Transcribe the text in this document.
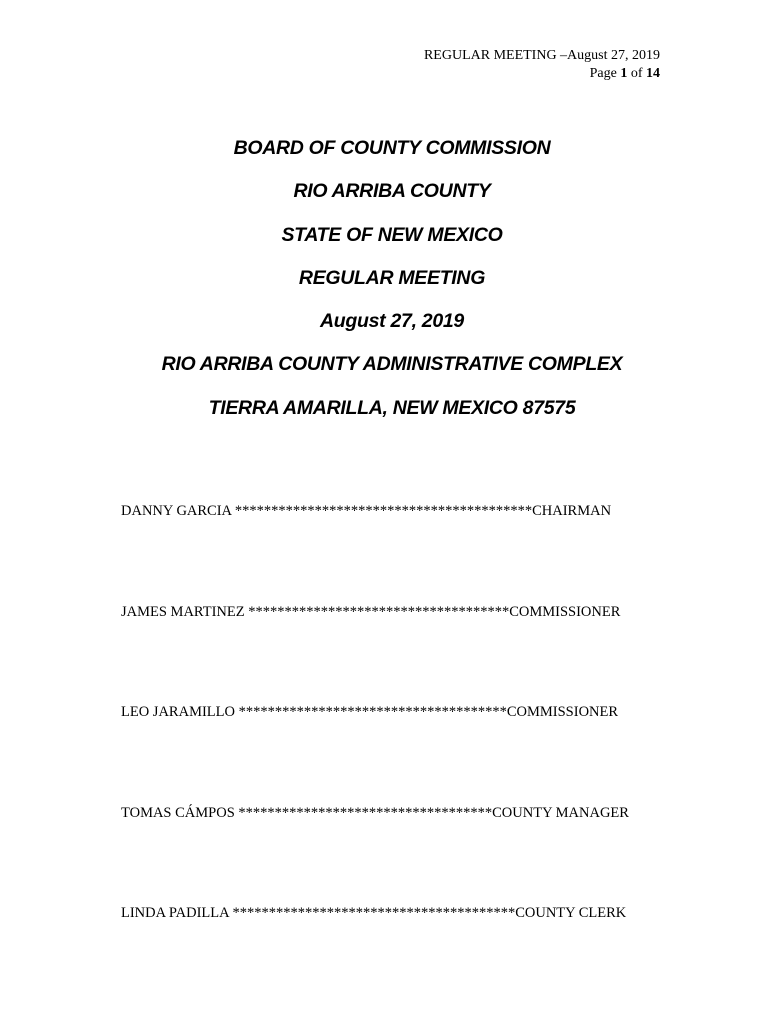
REGULAR MEETING –August 27, 2019
Page 1 of 14
BOARD OF COUNTY COMMISSION
RIO ARRIBA COUNTY
STATE OF NEW MEXICO
REGULAR MEETING
August 27, 2019
RIO ARRIBA COUNTY ADMINISTRATIVE COMPLEX
TIERRA AMARILLA, NEW MEXICO 87575
DANNY GARCIA *****************************************CHAIRMAN
JAMES MARTINEZ ************************************COMMISSIONER
LEO JARAMILLO *************************************COMMISSIONER
TOMAS CÁMPOS ***********************************COUNTY MANAGER
LINDA PADILLA ***************************************COUNTY CLERK
